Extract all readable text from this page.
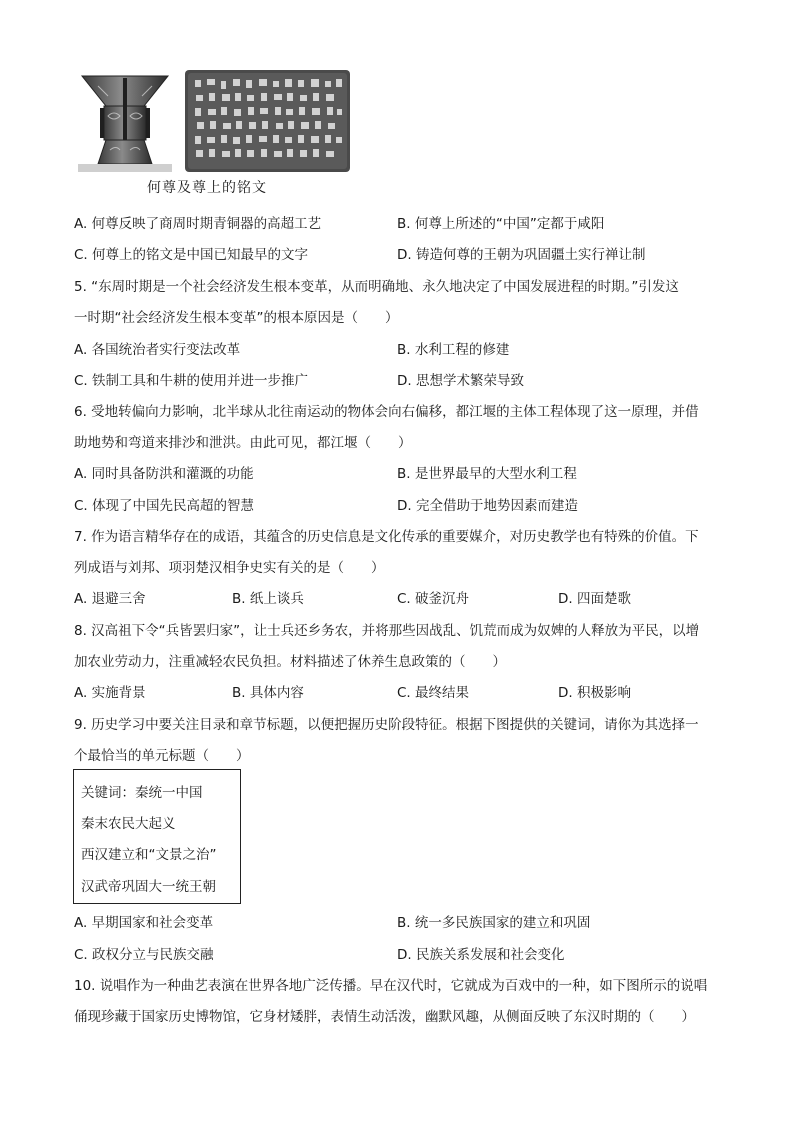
何尊及尊上的铭文
A. 何尊反映了商周时期青铜器的高超工艺	B. 何尊上所述的“中国”定都于咸阳
C. 何尊上的铭文是中国已知最早的文字	D. 铸造何尊的王朝为巩固疆土实行禅让制
5. “东周时期是一个社会经济发生根本变革，从而明确地、永久地决定了中国发展进程的时期。”引发这
一时期“社会经济发生根本变革”的根本原因是（　　）
A. 各国统治者实行变法改革	B. 水利工程的修建
C. 铁制工具和牛耕的使用并进一步推广	D. 思想学术繁荣导致
6. 受地转偏向力影响，北半球从北往南运动的物体会向右偏移，都江堰的主体工程体现了这一原理，并借
助地势和弯道来排沙和泄洪。由此可见，都江堰（　　）
A. 同时具备防洪和灌溉的功能	B. 是世界最早的大型水利工程
C. 体现了中国先民高超的智慧	D. 完全借助于地势因素而建造
7. 作为语言精华存在的成语，其蕴含的历史信息是文化传承的重要媒介，对历史教学也有特殊的价值。下
列成语与刘邦、项羽楚汉相争史实有关的是（　　）
A. 退避三舍	B. 纸上谈兵	C. 破釜沉舟	D. 四面楚歌
8. 汉高祖下令“兵皆罢归家”，让士兵还乡务农，并将那些因战乱、饥荒而成为奴婢的人释放为平民，以增
加农业劳动力，注重减轻农民负担。材料描述了休养生息政策的（　　）
A. 实施背景	B. 具体内容	C. 最终结果	D. 积极影响
9. 历史学习中要关注目录和章节标题，以便把握历史阶段特征。根据下图提供的关键词，请你为其选择一
个最恰当的单元标题（　　）
关键词：秦统一中国
秦末农民大起义
西汉建立和“文景之治”
汉武帝巩固大一统王朝
A. 早期国家和社会变革	B. 统一多民族国家的建立和巩固
C. 政权分立与民族交融	D. 民族关系发展和社会变化
10. 说唱作为一种曲艺表演在世界各地广泛传播。早在汉代时，它就成为百戏中的一种，如下图所示的说唱
俑现珍藏于国家历史博物馆，它身材矮胖，表情生动活泼，幽默风趣，从侧面反映了东汉时期的（　　）
